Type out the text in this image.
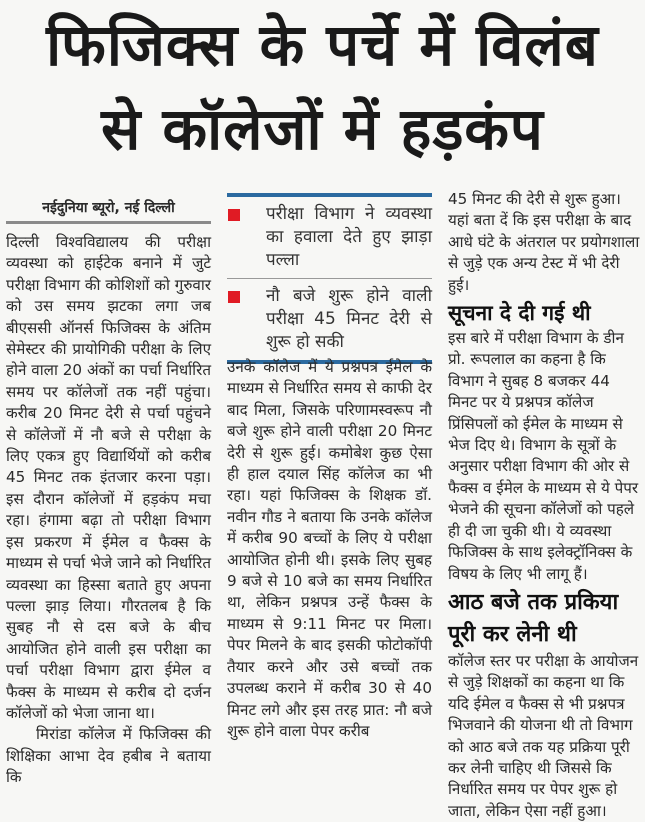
फिजिक्स के पर्चे में विलंब
से कॉलेजों में हड़कंप
नईदुनिया ब्यूरो, नई दिल्ली

दिल्ली विश्वविद्यालय की परीक्षा व्यवस्था को हाईटेक बनाने में जुटे परीक्षा विभाग की कोशिशों को गुरुवार को उस समय झटका लगा जब बीएससी ऑनर्स फिजिक्स के अंतिम सेमेस्टर की प्रायोगिकी परीक्षा के लिए होने वाला 20 अंकों का पर्चा निर्धारित समय पर कॉलेजों तक नहीं पहुंचा। करीब 20 मिनट देरी से पर्चा पहुंचने से कॉलेजों में नौ बजे से परीक्षा के लिए एकत्र हुए विद्यार्थियों को करीब 45 मिनट तक इंतजार करना पड़ा। इस दौरान कॉलेजों में हड़कंप मचा रहा। हंगामा बढ़ा तो परीक्षा विभाग इस प्रकरण में ईमेल व फैक्स के माध्यम से पर्चा भेजे जाने को निर्धारित व्यवस्था का हिस्सा बताते हुए अपना पल्ला झाड़ लिया। गौरतलब है कि सुबह नौ से दस बजे के बीच आयोजित होने वाली इस परीक्षा का पर्चा परीक्षा विभाग द्वारा ईमेल व फैक्स के माध्यम से करीब दो दर्जन कॉलेजों को भेजा जाना था।

मिरांडा कॉलेज में फिजिक्स की शिक्षिका आभा देव हबीब ने बताया कि

परीक्षा विभाग ने व्यवस्था का हवाला देते हुए झाड़ा पल्ला
नौ बजे शुरू होने वाली परीक्षा 45 मिनट देरी से शुरू हो सकी

उनके कॉलेज में ये प्रश्नपत्र ईमेल के माध्यम से निर्धारित समय से काफी देर बाद मिला, जिसके परिणामस्वरूप नौ बजे शुरू होने वाली परीक्षा 20 मिनट देरी से शुरू हुई। कमोबेश कुछ ऐसा ही हाल दयाल सिंह कॉलेज का भी रहा। यहां फिजिक्स के शिक्षक डॉ. नवीन गौड ने बताया कि उनके कॉलेज में करीब 90 बच्चों के लिए ये परीक्षा आयोजित होनी थी। इसके लिए सुबह 9 बजे से 10 बजे का समय निर्धारित था, लेकिन प्रश्नपत्र उन्हें फैक्स के माध्यम से 9:11 मिनट पर मिला। पेपर मिलने के बाद इसकी फोटोकॉपी तैयार करने और उसे बच्चों तक उपलब्ध कराने में करीब 30 से 40 मिनट लगे और इस तरह प्रात: नौ बजे शुरू होने वाला पेपर करीब

45 मिनट की देरी से शुरू हुआ। यहां बता दें कि इस परीक्षा के बाद आधे घंटे के अंतराल पर प्रयोगशाला से जुड़े एक अन्य टेस्ट में भी देरी हुई।

सूचना दे दी गई थी

इस बारे में परीक्षा विभाग के डीन प्रो. रूपलाल का कहना है कि विभाग ने सुबह 8 बजकर 44 मिनट पर ये प्रश्नपत्र कॉलेज प्रिंसिपलों को ईमेल के माध्यम से भेज दिए थे। विभाग के सूत्रों के अनुसार परीक्षा विभाग की ओर से फैक्स व ईमेल के माध्यम से ये पेपर भेजने की सूचना कॉलेजों को पहले ही दी जा चुकी थी। ये व्यवस्था फिजिक्स के साथ इलेक्ट्रॉनिक्स के विषय के लिए भी लागू हैं।

आठ बजे तक प्रकिया पूरी कर लेनी थी

कॉलेज स्तर पर परीक्षा के आयोजन से जुड़े शिक्षकों का कहना था कि यदि ईमेल व फैक्स से भी प्रश्नपत्र भिजवाने की योजना थी तो विभाग को आठ बजे तक यह प्रक्रिया पूरी कर लेनी चाहिए थी जिससे कि निर्धारित समय पर पेपर शुरू हो जाता, लेकिन ऐसा नहीं हुआ।
